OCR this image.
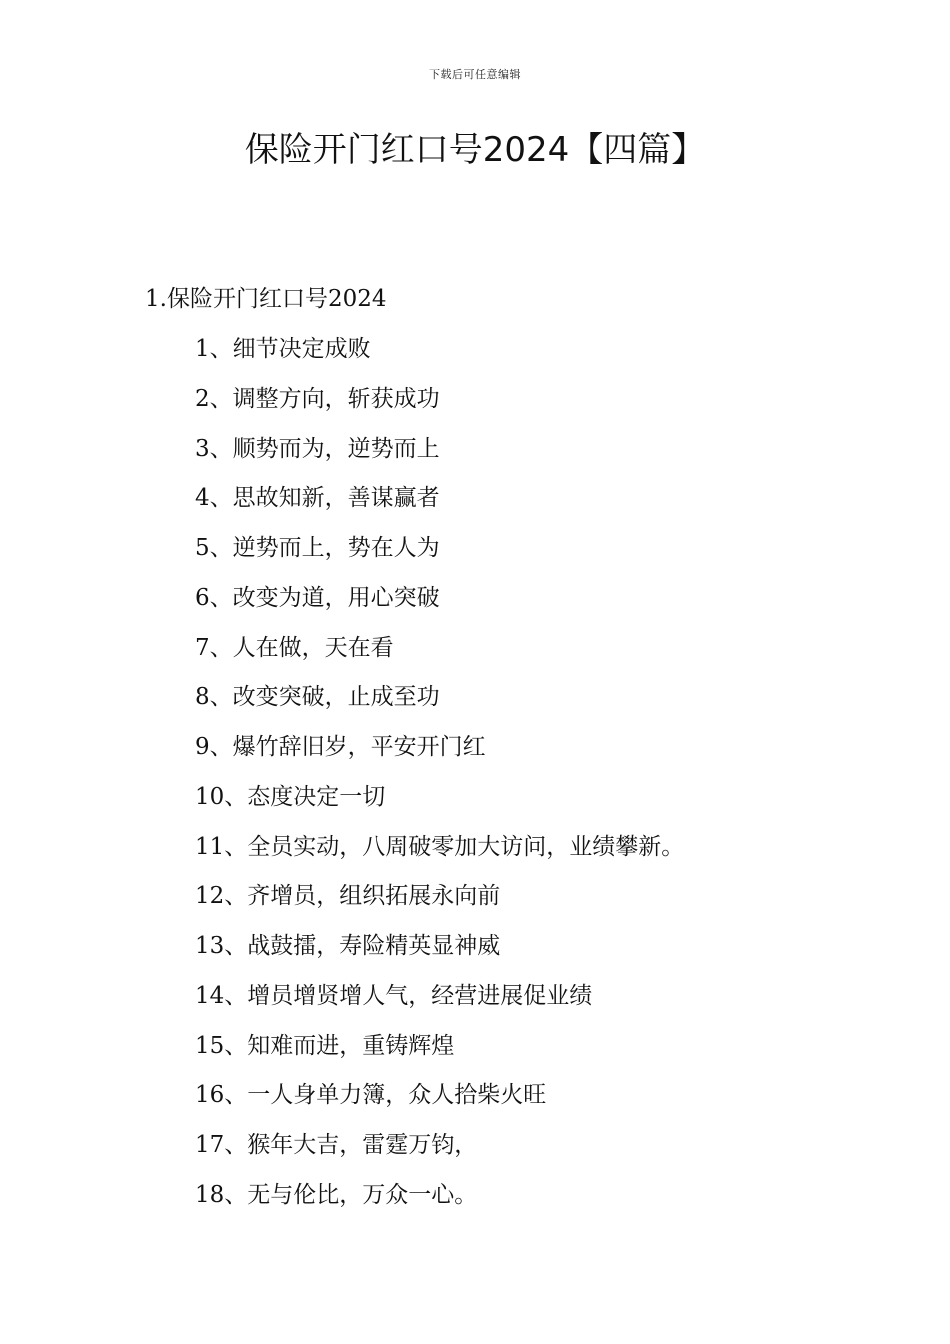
下载后可任意编辑
保险开门红口号2024【四篇】
1.保险开门红口号2024
1、细节决定成败
2、调整方向，斩获成功
3、顺势而为，逆势而上
4、思故知新，善谋赢者
5、逆势而上，势在人为
6、改变为道，用心突破
7、人在做，天在看
8、改变突破，止成至功
9、爆竹辞旧岁，平安开门红
10、态度决定一切
11、全员实动，八周破零加大访问，业绩攀新。
12、齐增员，组织拓展永向前
13、战鼓擂，寿险精英显神威
14、增员增贤增人气，经营进展促业绩
15、知难而进，重铸辉煌
16、一人身单力簿，众人拾柴火旺
17、猴年大吉，雷霆万钧，
18、无与伦比，万众一心。
